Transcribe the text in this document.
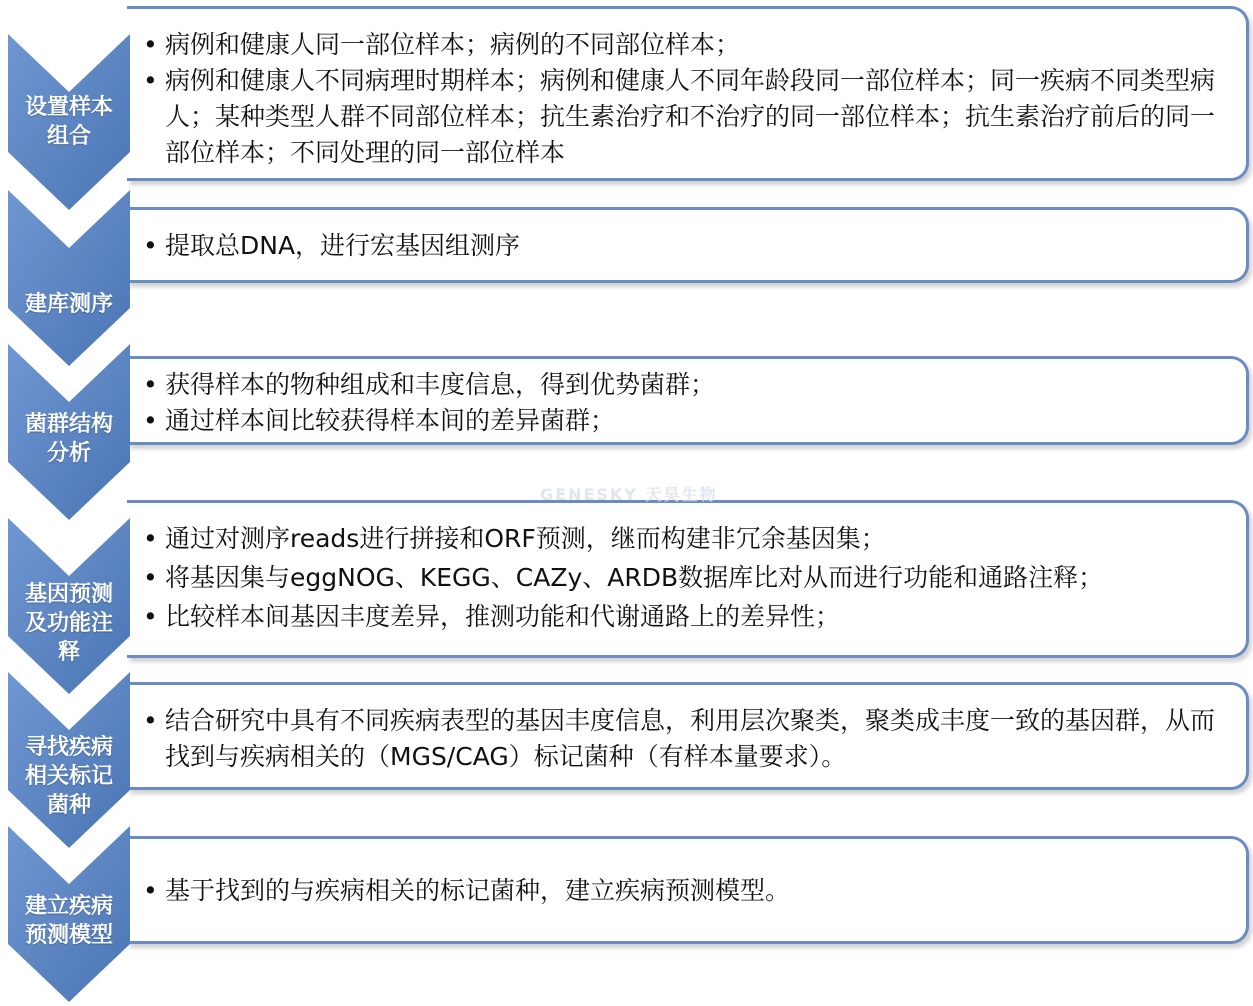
设置样本组合
• 病例和健康人同一部位样本；病例的不同部位样本；
• 病例和健康人不同病理时期样本；病例和健康人不同年龄段同一部位样本；同一疾病不同类型病人；某种类型人群不同部位样本；抗生素治疗和不治疗的同一部位样本；抗生素治疗前后的同一部位样本；不同处理的同一部位样本
建库测序
• 提取总DNA，进行宏基因组测序
菌群结构分析
• 获得样本的物种组成和丰度信息，得到优势菌群；
• 通过样本间比较获得样本间的差异菌群；
基因预测及功能注释
• 通过对测序reads进行拼接和ORF预测，继而构建非冗余基因集；
• 将基因集与eggNOG、KEGG、CAZy、ARDB数据库比对从而进行功能和通路注释；
• 比较样本间基因丰度差异，推测功能和代谢通路上的差异性；
寻找疾病相关标记菌种
• 结合研究中具有不同疾病表型的基因丰度信息，利用层次聚类，聚类成丰度一致的基因群，从而找到与疾病相关的（MGS/CAG）标记菌种（有样本量要求）。
建立疾病预测模型
• 基于找到的与疾病相关的标记菌种，建立疾病预测模型。
GENESKY 天昊生物
